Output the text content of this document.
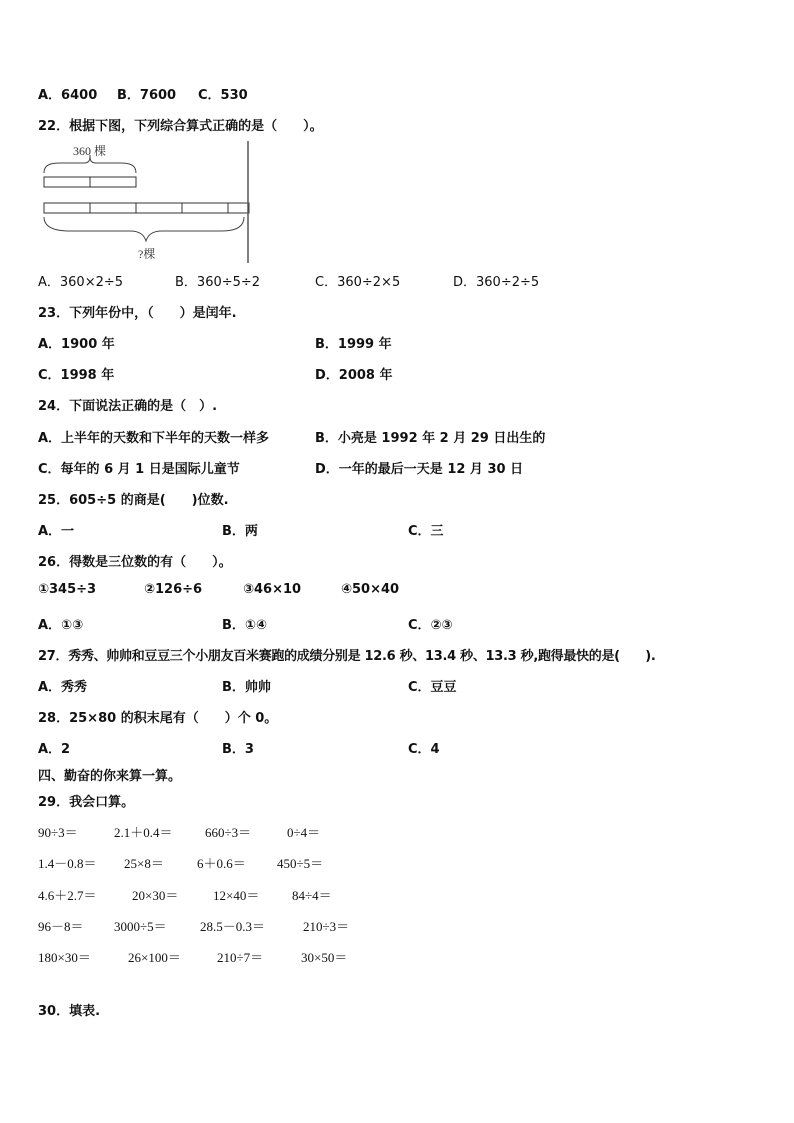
A．6400 B．7600 C．530
22．根据下图，下列综合算式正确的是（　　）。
360 棵
?棵
A．360×2÷5	B．360÷5÷2	C．360÷2×5	D．360÷2÷5
23．下列年份中，（　　）是闰年.
A．1900 年	B．1999 年
C．1998 年	D．2008 年
24．下面说法正确的是（　）.
A．上半年的天数和下半年的天数一样多	B．小亮是 1992 年 2 月 29 日出生的
C．每年的 6 月 1 日是国际儿童节	D．一年的最后一天是 12 月 30 日
25．605÷5 的商是(　　)位数.
A．一	B．两	C．三
26．得数是三位数的有（　　）。
①345÷3	②126÷6	③46×10	④50×40
A．①③	B．①④	C．②③
27．秀秀、帅帅和豆豆三个小朋友百米赛跑的成绩分别是 12.6 秒、13.4 秒、13.3 秒,跑得最快的是(　　).
A．秀秀	B．帅帅	C．豆豆
28．25×80 的积末尾有（　　）个 0。
A．2	B．3	C．4
四、勤奋的你来算一算。
29．我会口算。
90÷3＝	2.1＋0.4＝ 660÷3＝	0÷4＝
1.4－0.8＝ 25×8＝	6＋0.6＝ 450÷5＝
4.6＋2.7＝	20×30＝	12×40＝	84÷4＝
96－8＝ 3000÷5＝	28.5－0.3＝	210÷3＝
180×30＝	26×100＝	210÷7＝	30×50＝
30．填表.
